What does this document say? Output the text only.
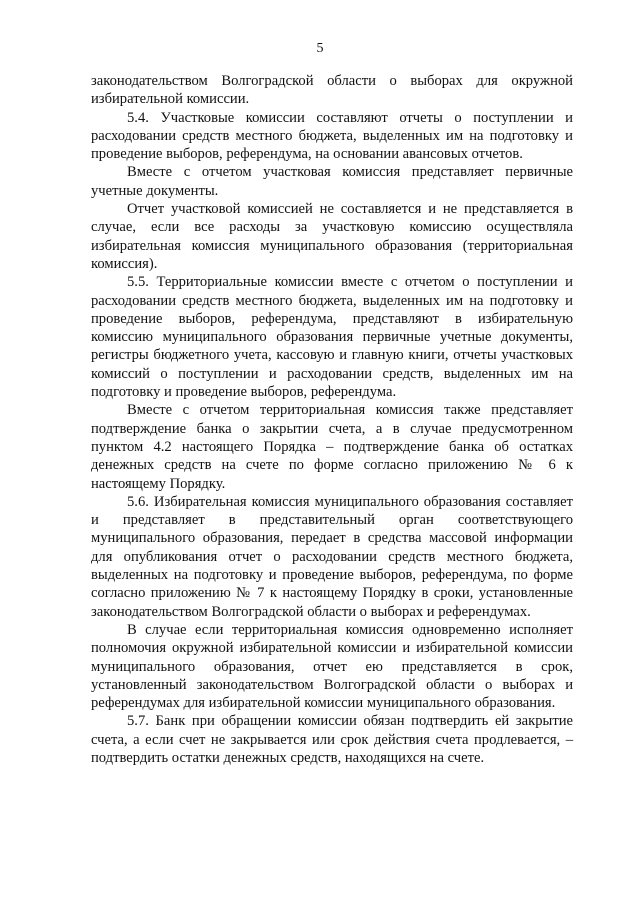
5

законодательством Волгоградской области о выборах для окружной избирательной комиссии.

5.4. Участковые комиссии составляют отчеты о поступлении и расходовании средств местного бюджета, выделенных им на подготовку и проведение выборов, референдума, на основании авансовых отчетов.

Вместе с отчетом участковая комиссия представляет первичные учетные документы.

Отчет участковой комиссией не составляется и не представляется в случае, если все расходы за участковую комиссию осуществляла избирательная комиссия муниципального образования (территориальная комиссия).

5.5. Территориальные комиссии вместе с отчетом о поступлении и расходовании средств местного бюджета, выделенных им на подготовку и проведение выборов, референдума, представляют в избирательную комиссию муниципального образования первичные учетные документы, регистры бюджетного учета, кассовую и главную книги, отчеты участковых комиссий о поступлении и расходовании средств, выделенных им на подготовку и проведение выборов, референдума.

Вместе с отчетом территориальная комиссия также представляет подтверждение банка о закрытии счета, а в случае предусмотренном пунктом 4.2 настоящего Порядка – подтверждение банка об остатках денежных средств на счете по форме согласно приложению № 6 к настоящему Порядку.

5.6. Избирательная комиссия муниципального образования составляет и представляет в представительный орган соответствующего муниципального образования, передает в средства массовой информации для опубликования отчет о расходовании средств местного бюджета, выделенных на подготовку и проведение выборов, референдума, по форме согласно приложению № 7 к настоящему Порядку в сроки, установленные законодательством Волгоградской области о выборах и референдумах.

В случае если территориальная комиссия одновременно исполняет полномочия окружной избирательной комиссии и избирательной комиссии муниципального образования, отчет ею представляется в срок, установленный законодательством Волгоградской области о выборах и референдумах для избирательной комиссии муниципального образования.

5.7. Банк при обращении комиссии обязан подтвердить ей закрытие счета, а если счет не закрывается или срок действия счета продлевается, – подтвердить остатки денежных средств, находящихся на счете.
